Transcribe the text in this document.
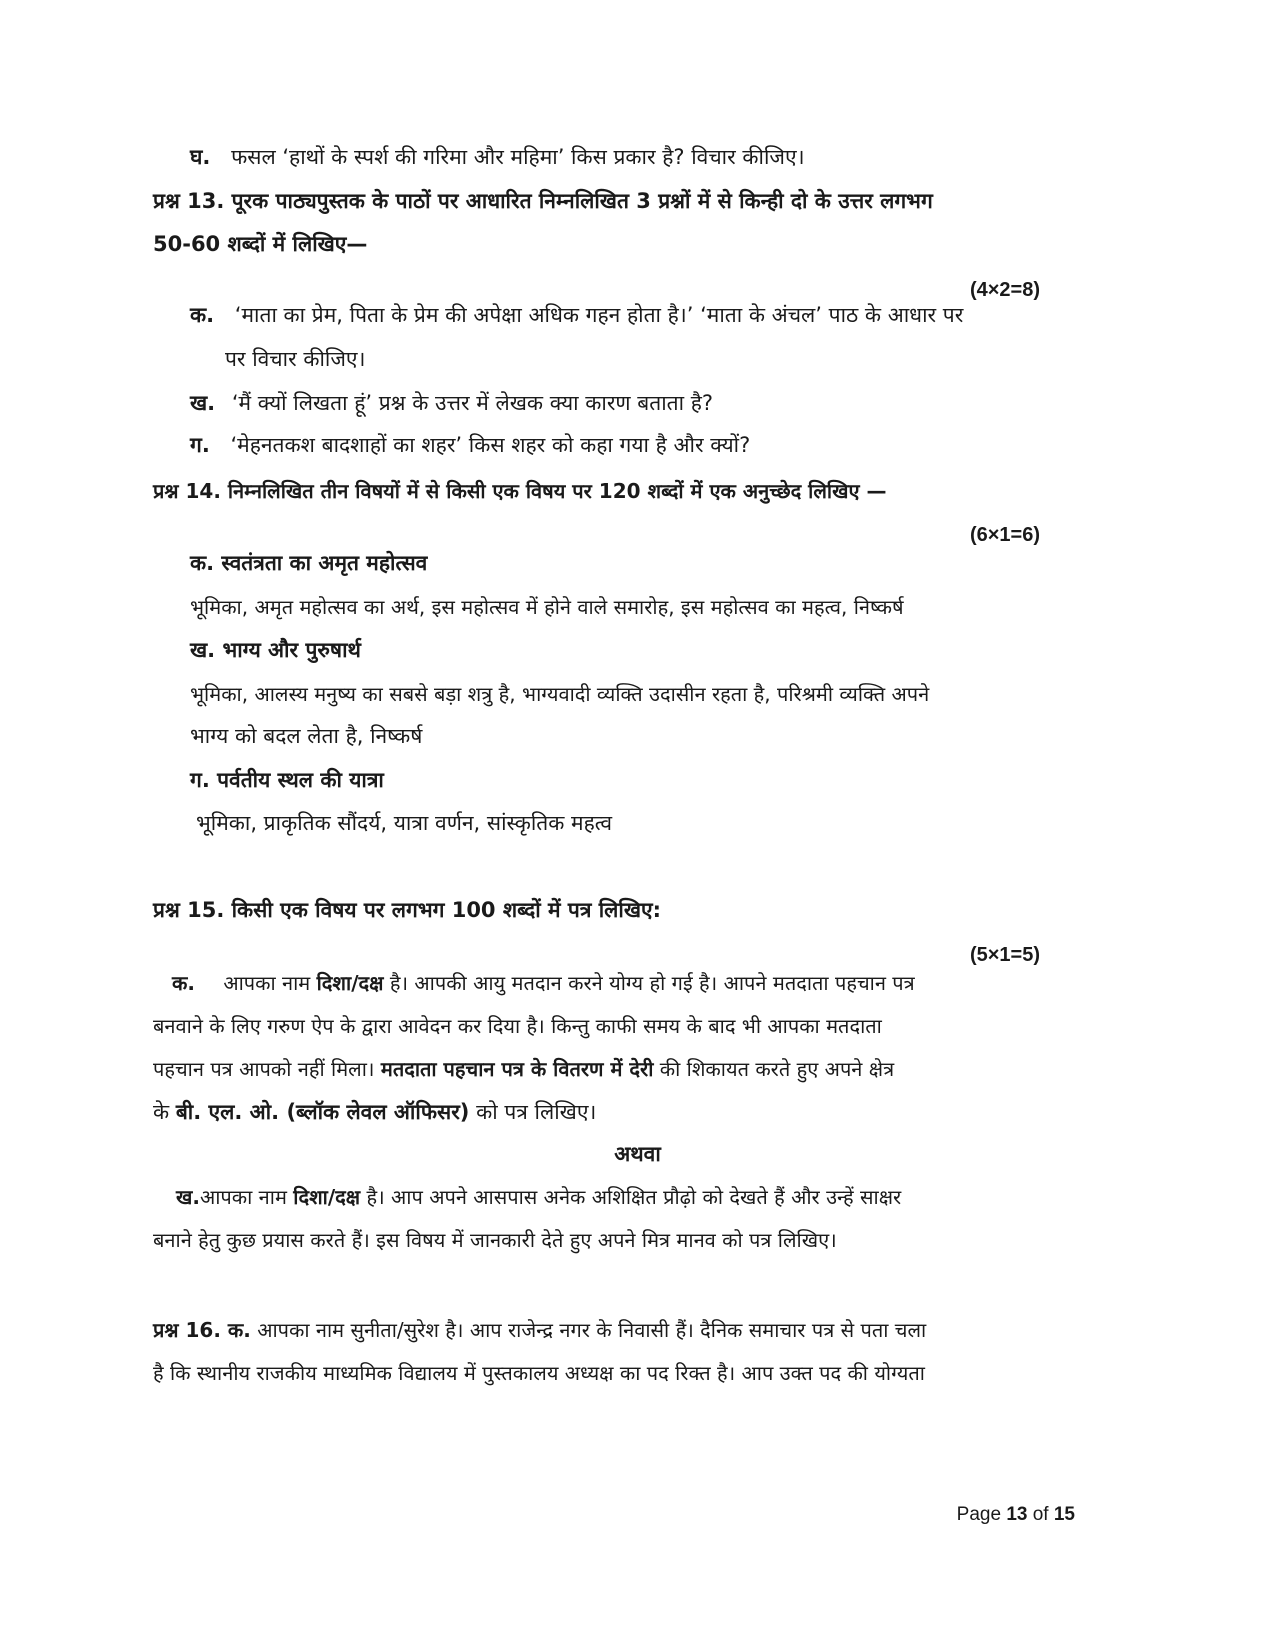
घ. फसल ‘हाथों के स्पर्श की गरिमा और महिमा’ किस प्रकार है? विचार कीजिए।
प्रश्न 13. पूरक पाठ्यपुस्तक के पाठों पर आधारित निम्नलिखित 3 प्रश्नों में से किन्ही दो के उत्तर लगभग
50-60 शब्दों में लिखिए—
(4×2=8)
क. ‘माता का प्रेम, पिता के प्रेम की अपेक्षा अधिक गहन होता है।’ ‘माता के अंचल’ पाठ के आधार पर
पर विचार कीजिए।
ख. ‘मैं क्यों लिखता हूं’ प्रश्न के उत्तर में लेखक क्या कारण बताता है?
ग. ‘मेहनतकश बादशाहों का शहर’ किस शहर को कहा गया है और क्यों?
प्रश्न 14. निम्नलिखित तीन विषयों में से किसी एक विषय पर 120 शब्दों में एक अनुच्छेद लिखिए —
(6×1=6)
क. स्वतंत्रता का अमृत महोत्सव
भूमिका, अमृत महोत्सव का अर्थ, इस महोत्सव में होने वाले समारोह, इस महोत्सव का महत्व, निष्कर्ष
ख. भाग्य और पुरुषार्थ
भूमिका, आलस्य मनुष्य का सबसे बड़ा शत्रु है, भाग्यवादी व्यक्ति उदासीन रहता है, परिश्रमी व्यक्ति अपने
भाग्य को बदल लेता है, निष्कर्ष
ग. पर्वतीय स्थल की यात्रा
भूमिका, प्राकृतिक सौंदर्य, यात्रा वर्णन, सांस्कृतिक महत्व
प्रश्न 15. किसी एक विषय पर लगभग 100 शब्दों में पत्र लिखिए:
(5×1=5)
क. आपका नाम दिशा/दक्ष है। आपकी आयु मतदान करने योग्य हो गई है। आपने मतदाता पहचान पत्र
बनवाने के लिए गरुण ऐप के द्वारा आवेदन कर दिया है। किन्तु काफी समय के बाद भी आपका मतदाता
पहचान पत्र आपको नहीं मिला। मतदाता पहचान पत्र के वितरण में देरी की शिकायत करते हुए अपने क्षेत्र
के बी. एल. ओ. (ब्लॉक लेवल ऑफिसर) को पत्र लिखिए।
अथवा
ख.आपका नाम दिशा/दक्ष है। आप अपने आसपास अनेक अशिक्षित प्रौढ़ो को देखते हैं और उन्हें साक्षर
बनाने हेतु कुछ प्रयास करते हैं। इस विषय में जानकारी देते हुए अपने मित्र मानव को पत्र लिखिए।
प्रश्न 16. क. आपका नाम सुनीता/सुरेश है। आप राजेन्द्र नगर के निवासी हैं। दैनिक समाचार पत्र से पता चला
है कि स्थानीय राजकीय माध्यमिक विद्यालय में पुस्तकालय अध्यक्ष का पद रिक्त है। आप उक्त पद की योग्यता
Page 13 of 15
